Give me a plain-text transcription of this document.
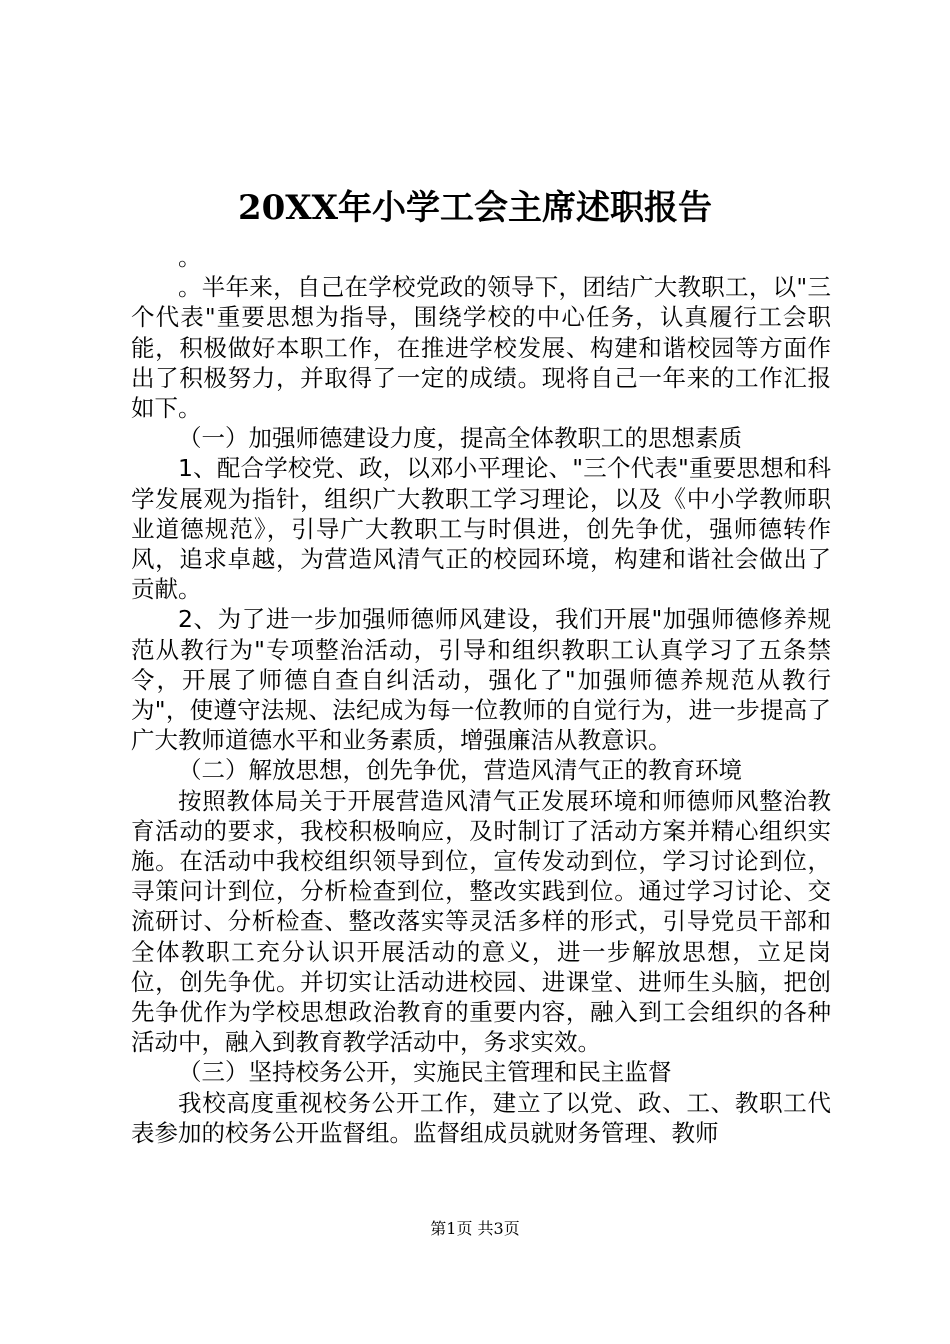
20XX年小学工会主席述职报告

。

。半年来，自己在学校党政的领导下，团结广大教职工，以"三个代表"重要思想为指导，围绕学校的中心任务，认真履行工会职能，积极做好本职工作，在推进学校发展、构建和谐校园等方面作出了积极努力，并取得了一定的成绩。现将自己一年来的工作汇报如下。

（一）加强师德建设力度，提高全体教职工的思想素质

1、配合学校党、政，以邓小平理论、"三个代表"重要思想和科学发展观为指针，组织广大教职工学习理论，以及《中小学教师职业道德规范》，引导广大教职工与时俱进，创先争优，强师德转作风，追求卓越，为营造风清气正的校园环境，构建和谐社会做出了贡献。

2、为了进一步加强师德师风建设，我们开展"加强师德修养规范从教行为"专项整治活动，引导和组织教职工认真学习了五条禁令，开展了师德自查自纠活动，强化了"加强师德养规范从教行为"，使遵守法规、法纪成为每一位教师的自觉行为，进一步提高了广大教师道德水平和业务素质，增强廉洁从教意识。

（二）解放思想，创先争优，营造风清气正的教育环境

按照教体局关于开展营造风清气正发展环境和师德师风整治教育活动的要求，我校积极响应，及时制订了活动方案并精心组织实施。在活动中我校组织领导到位，宣传发动到位，学习讨论到位，寻策问计到位，分析检查到位，整改实践到位。通过学习讨论、交流研讨、分析检查、整改落实等灵活多样的形式，引导党员干部和全体教职工充分认识开展活动的意义，进一步解放思想，立足岗位，创先争优。并切实让活动进校园、进课堂、进师生头脑，把创先争优作为学校思想政治教育的重要内容，融入到工会组织的各种活动中，融入到教育教学活动中，务求实效。

（三）坚持校务公开，实施民主管理和民主监督

我校高度重视校务公开工作，建立了以党、政、工、教职工代表参加的校务公开监督组。监督组成员就财务管理、教师

第1页 共3页
